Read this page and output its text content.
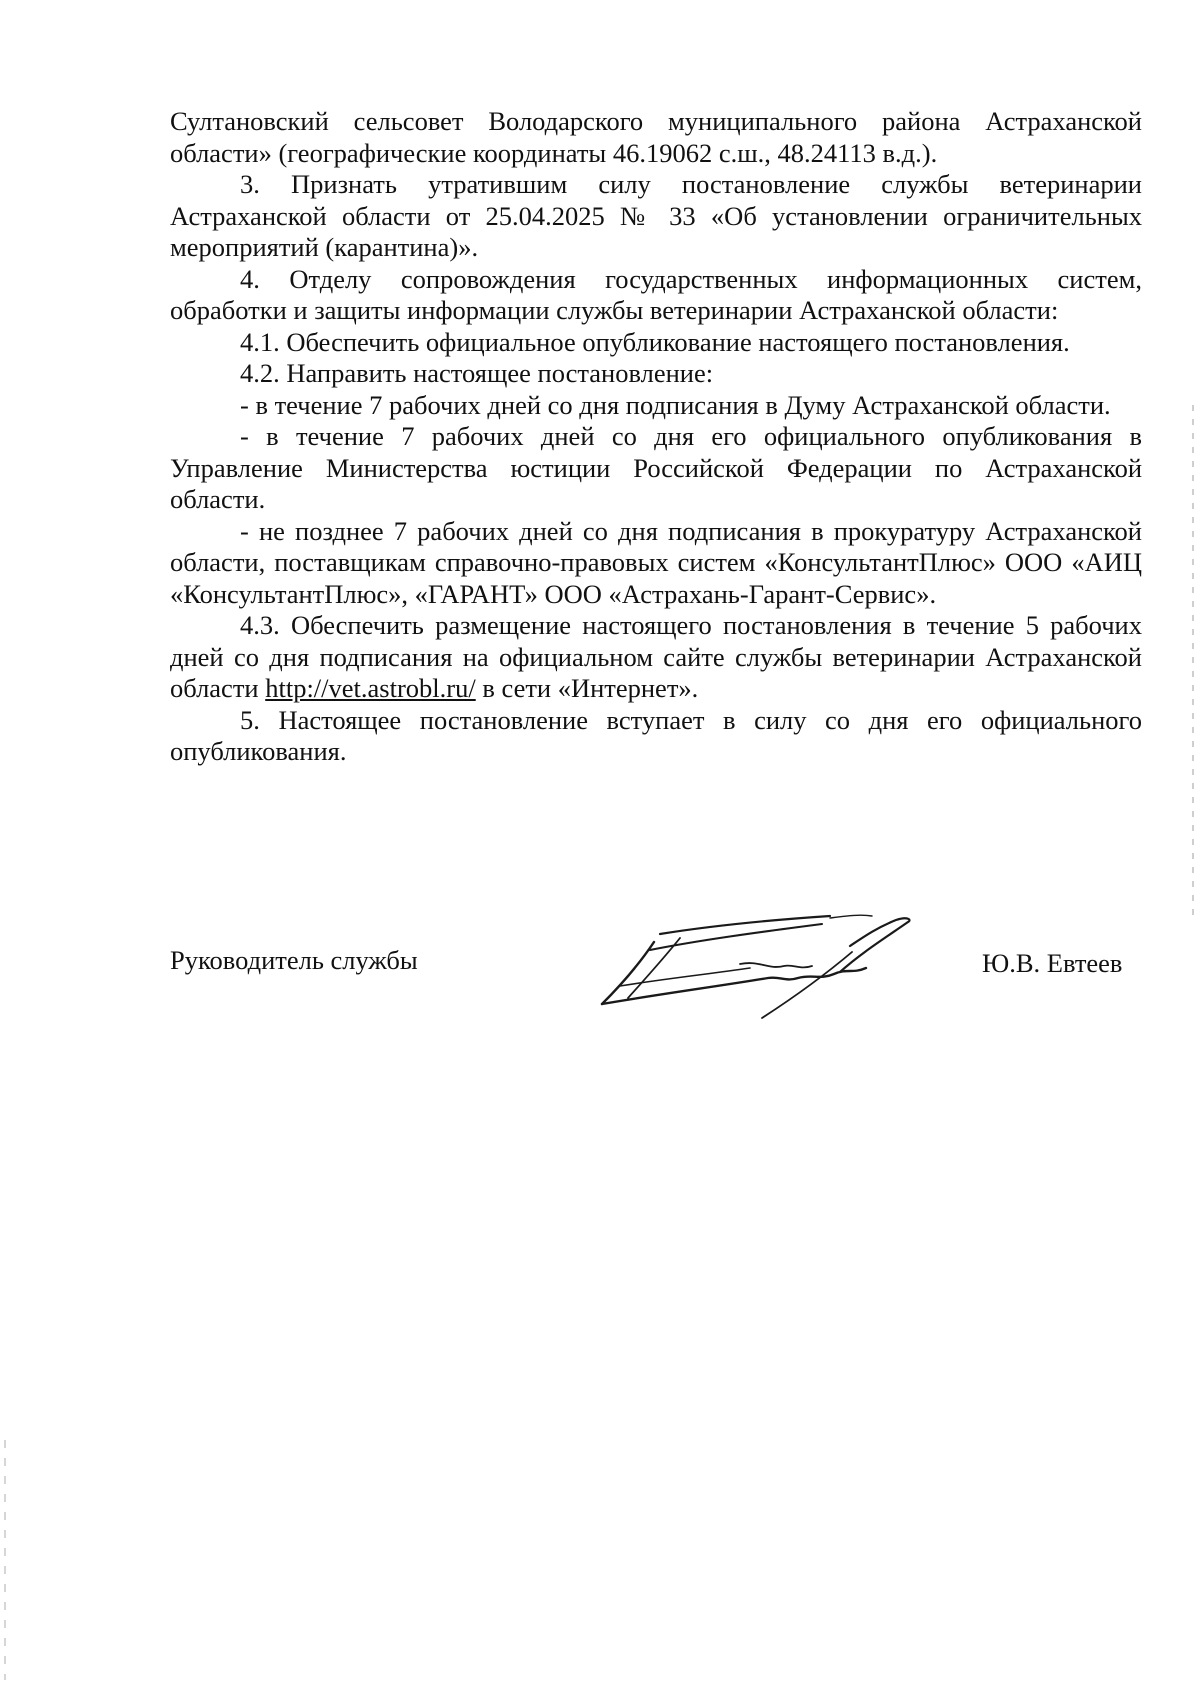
Султановский сельсовет Володарского муниципального района Астраханской области» (географические координаты 46.19062 с.ш., 48.24113 в.д.).

3. Признать утратившим силу постановление службы ветеринарии Астраханской области от 25.04.2025 № 33 «Об установлении ограничительных мероприятий (карантина)».

4. Отделу сопровождения государственных информационных систем, обработки и защиты информации службы ветеринарии Астраханской области:

4.1. Обеспечить официальное опубликование настоящего постановления.

4.2. Направить настоящее постановление:

- в течение 7 рабочих дней со дня подписания в Думу Астраханской области.

- в течение 7 рабочих дней со дня его официального опубликования в Управление Министерства юстиции Российской Федерации по Астраханской области.

- не позднее 7 рабочих дней со дня подписания в прокуратуру Астраханской области, поставщикам справочно-правовых систем «КонсультантПлюс» ООО «АИЦ «КонсультантПлюс», «ГАРАНТ» ООО «Астрахань-Гарант-Сервис».

4.3. Обеспечить размещение настоящего постановления в течение 5 рабочих дней со дня подписания на официальном сайте службы ветеринарии Астраханской области http://vet.astrobl.ru/ в сети «Интернет».

5. Настоящее постановление вступает в силу со дня его официального опубликования.

Руководитель службы	Ю.В. Евтеев
